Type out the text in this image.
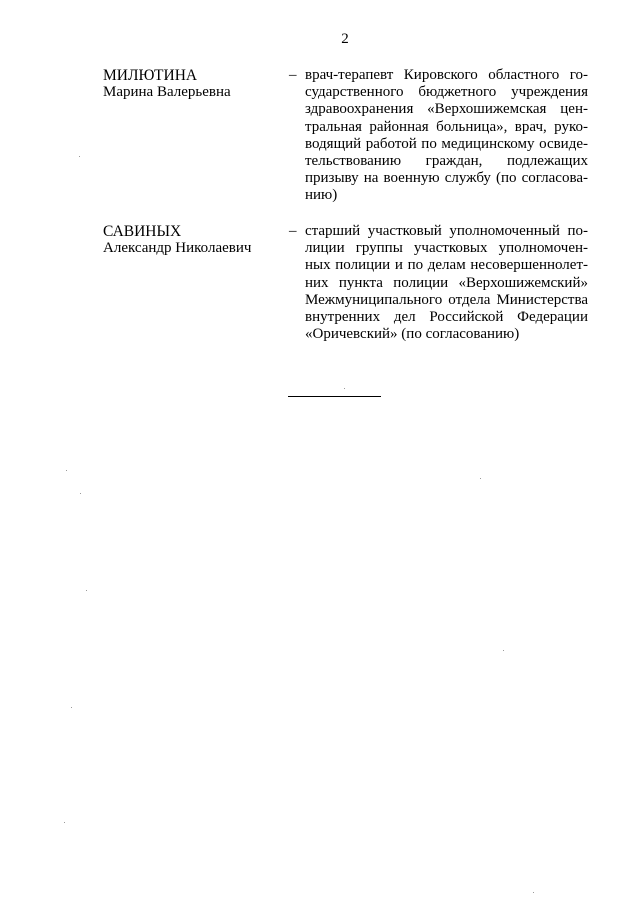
2
МИЛЮТИНА
Марина Валерьевна
– врач-терапевт Кировского областного го-
сударственного бюджетного учреждения
здравоохранения «Верхошижемская цен-
тральная районная больница», врач, руко-
водящий работой по медицинскому освиде-
тельствованию граждан, подлежащих
призыву на военную службу (по согласова-
нию)

САВИНЫХ
Александр Николаевич
– старший участковый уполномоченный по-
лиции группы участковых уполномочен-
ных полиции и по делам несовершеннолет-
них пункта полиции «Верхошижемский»
Межмуниципального отдела Министерства
внутренних дел Российской Федерации
«Оричевский» (по согласованию)
